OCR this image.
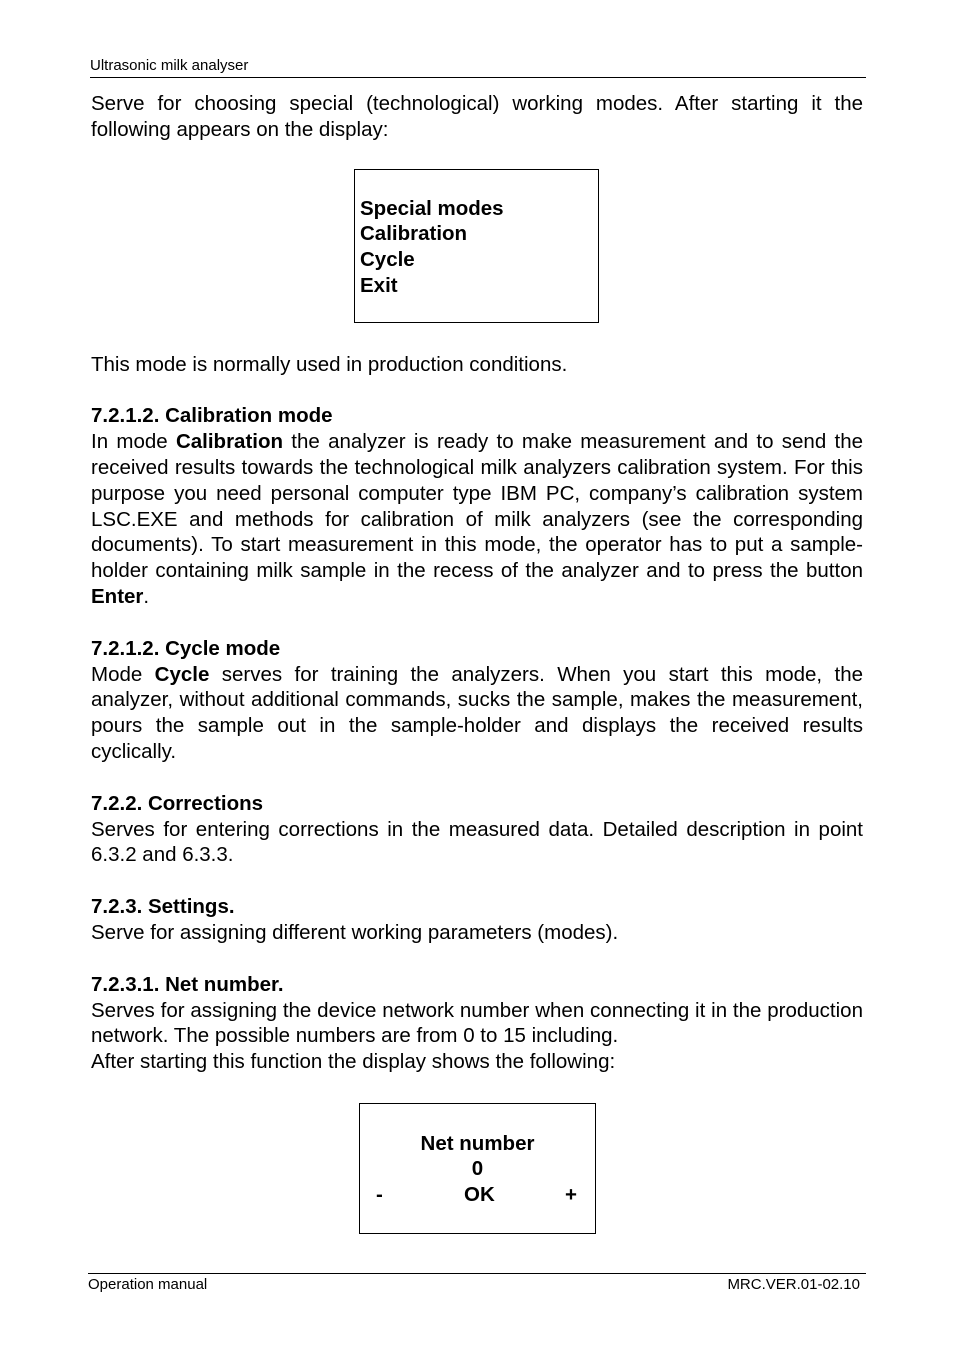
Ultrasonic milk analyser

Serve for choosing special (technological) working modes. After starting it the following appears on the display:

Special modes
Calibration
Cycle
Exit

This mode is normally used in production conditions.

7.2.1.2. Calibration mode

In mode Calibration the analyzer is ready to make measurement and to send the received results towards the technological milk analyzers calibration system. For this purpose you need personal computer type IBM PC, company’s calibration system LSC.EXE and methods for calibration of milk analyzers (see the corresponding documents). To start measurement in this mode, the operator has to put a sample-holder containing milk sample in the recess of the analyzer and to press the button Enter.

7.2.1.2. Cycle mode

Mode Cycle serves for training the analyzers. When you start this mode, the analyzer, without additional commands, sucks the sample, makes the measurement, pours the sample out in the sample-holder and displays the received results cyclically.

7.2.2. Corrections

Serves for entering corrections in the measured data. Detailed description in point 6.3.2 and 6.3.3.

7.2.3. Settings.

Serve for assigning different working parameters (modes).

7.2.3.1. Net number.

Serves for assigning the device network number when connecting it in the production network. The possible numbers are from 0 to 15 including.

After starting this function the display shows the following:

Net number
0
-	OK	+
Operation manual	MRC.VER.01-02.10
